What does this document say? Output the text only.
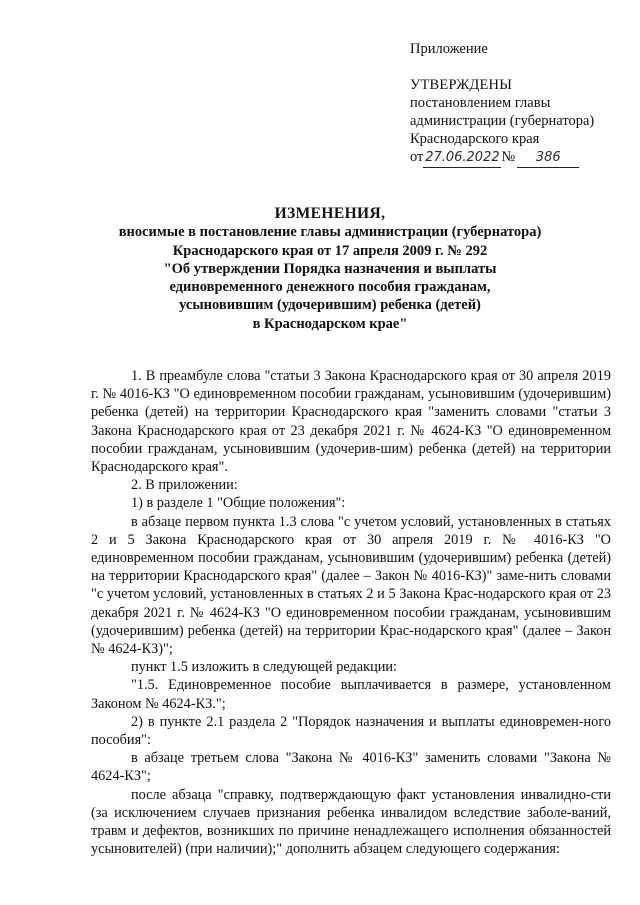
Приложение
УТВЕРЖДЕНЫ
постановлением главы
администрации (губернатора)
Краснодарского края
от 27.06.2022 № 386
ИЗМЕНЕНИЯ,
вносимые в постановление главы администрации (губернатора)
Краснодарского края от 17 апреля 2009 г. № 292
"Об утверждении Порядка назначения и выплаты
единовременного денежного пособия гражданам,
усыновившим (удочерившим) ребенка (детей)
в Краснодарском крае"

1. В преамбуле слова "статьи 3 Закона Краснодарского края от 30 апреля 2019 г. № 4016-КЗ "О единовременном пособии гражданам, усыновившим (удочерившим) ребенка (детей) на территории Краснодарского края "заменить словами "статьи 3 Закона Краснодарского края от 23 декабря 2021 г. № 4624-КЗ "О единовременном пособии гражданам, усыновившим (удочерив-шим) ребенка (детей) на территории Краснодарского края".

2. В приложении:

1) в разделе 1 "Общие положения":

в абзаце первом пункта 1.3 слова "с учетом условий, установленных в статьях 2 и 5 Закона Краснодарского края от 30 апреля 2019 г. № 4016-КЗ "О единовременном пособии гражданам, усыновившим (удочерившим) ребенка (детей) на территории Краснодарского края" (далее – Закон № 4016-КЗ)" заме-нить словами "с учетом условий, установленных в статьях 2 и 5 Закона Крас-нодарского края от 23 декабря 2021 г. № 4624-КЗ "О единовременном пособии гражданам, усыновившим (удочерившим) ребенка (детей) на территории Крас-нодарского края" (далее – Закон № 4624-КЗ)";

пункт 1.5 изложить в следующей редакции:

"1.5. Единовременное пособие выплачивается в размере, установленном Законом № 4624-КЗ.";

2) в пункте 2.1 раздела 2 "Порядок назначения и выплаты единовремен-ного пособия":

в абзаце третьем слова "Закона № 4016-КЗ" заменить словами "Закона № 4624-КЗ";

после абзаца "справку, подтверждающую факт установления инвалидно-сти (за исключением случаев признания ребенка инвалидом вследствие заболе-ваний, травм и дефектов, возникших по причине ненадлежащего исполнения обязанностей усыновителей) (при наличии);" дополнить абзацем следующего содержания:
